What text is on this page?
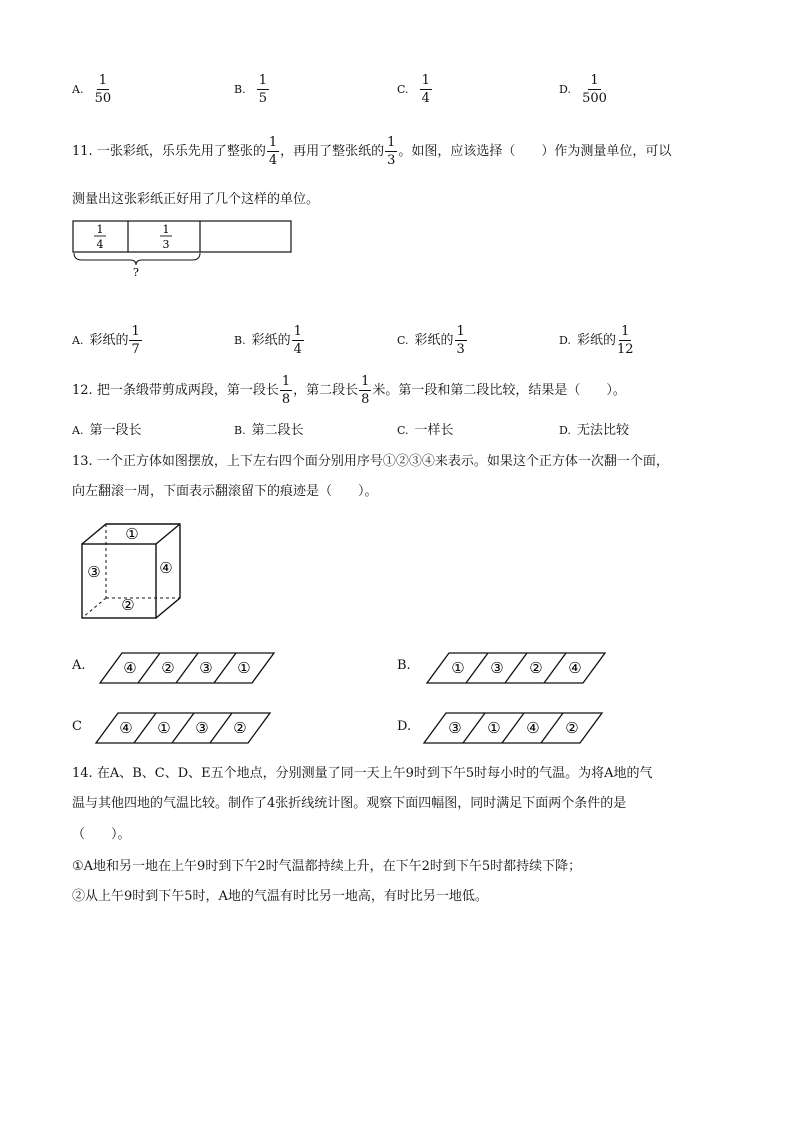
A. $\frac{1}{50}$	B. $\frac{1}{5}$	C. $\frac{1}{4}$	D. $\frac{1}{500}$
11. 一张彩纸，乐乐先用了整张的 $\frac{1}{4}$ ，再用了整张纸的 $\frac{1}{3}$ 。如图，应该选择（　　）作为测量单位，可以
测量出这张彩纸正好用了几个这样的单位。
1
4
1
3
?
A. 彩纸的 $\frac{1}{7}$	B. 彩纸的 $\frac{1}{4}$	C. 彩纸的 $\frac{1}{3}$	D. 彩纸的 $\frac{1}{12}$
12. 把一条缎带剪成两段，第一段长 $\frac{1}{8}$ ，第二段长 $\frac{1}{8}$ 米。第一段和第二段比较，结果是（　　）。
A. 第一段长	B. 第二段长	C. 一样长	D. 无法比较
13. 一个正方体如图摆放，上下左右四个面分别用序号①②③④来表示。如果这个正方体一次翻一个面，
向左翻滚一周，下面表示翻滚留下的痕迹是（　　）。
①
②
③	④
A.	④ ② ③ ①	B.	① ③ ② ④
C ④ ① ③ ②	D. ③ ① ④ ②
14. 在A、B、C、D、E五个地点，分别测量了同一天上午9时到下午5时每小时的气温。为将A地的气
温与其他四地的气温比较。制作了4张折线统计图。观察下面四幅图，同时满足下面两个条件的是
（　　）。
①A地和另一地在上午9时到下午2时气温都持续上升，在下午2时到下午5时都持续下降；
②从上午9时到下午5时，A地的气温有时比另一地高，有时比另一地低。
